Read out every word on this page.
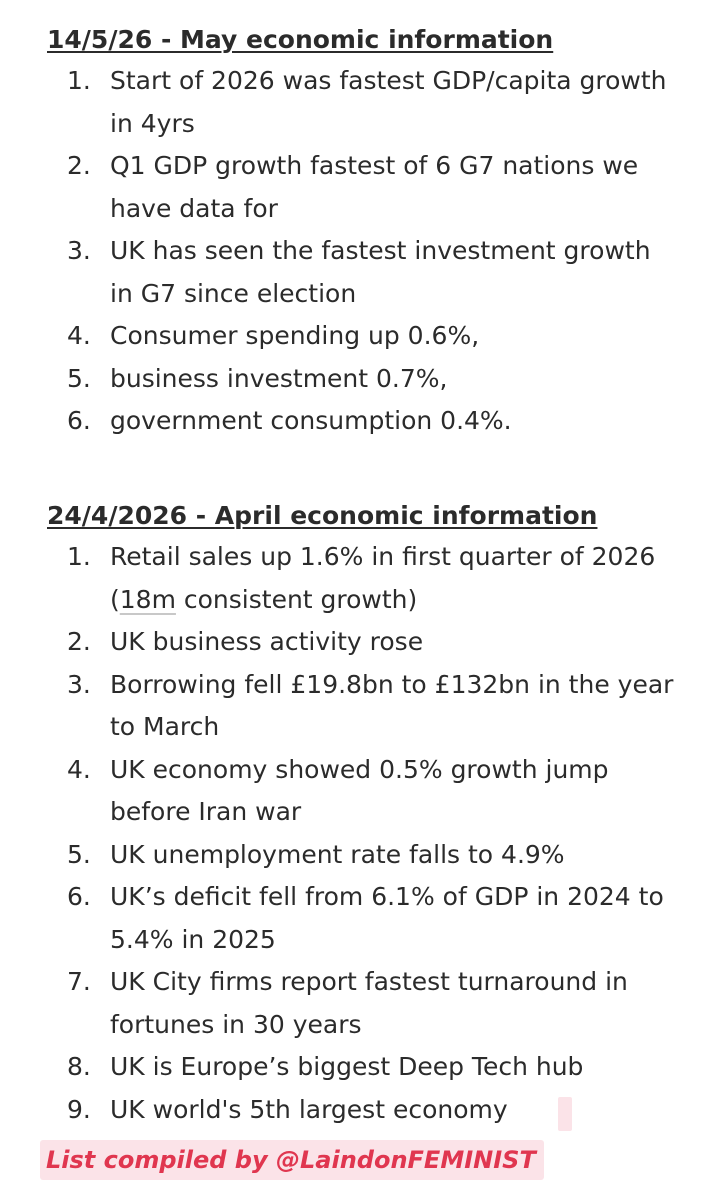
14/5/26 - May economic information
1. Start of 2026 was fastest GDP/capita growth in 4yrs
2. Q1 GDP growth fastest of 6 G7 nations we have data for
3. UK has seen the fastest investment growth in G7 since election
4. Consumer spending up 0.6%,
5. business investment 0.7%,
6. government consumption 0.4%.
24/4/2026 - April economic information
1. Retail sales up 1.6% in first quarter of 2026 (18m consistent growth)
2. UK business activity rose
3. Borrowing fell £19.8bn to £132bn in the year to March
4. UK economy showed 0.5% growth jump before Iran war
5. UK unemployment rate falls to 4.9%
6. UK’s deficit fell from 6.1% of GDP in 2024 to 5.4% in 2025
7. UK City firms report fastest turnaround in fortunes in 30 years
8. UK is Europe’s biggest Deep Tech hub
9. UK world's 5th largest economy
List compiled by @LaindonFEMINIST
